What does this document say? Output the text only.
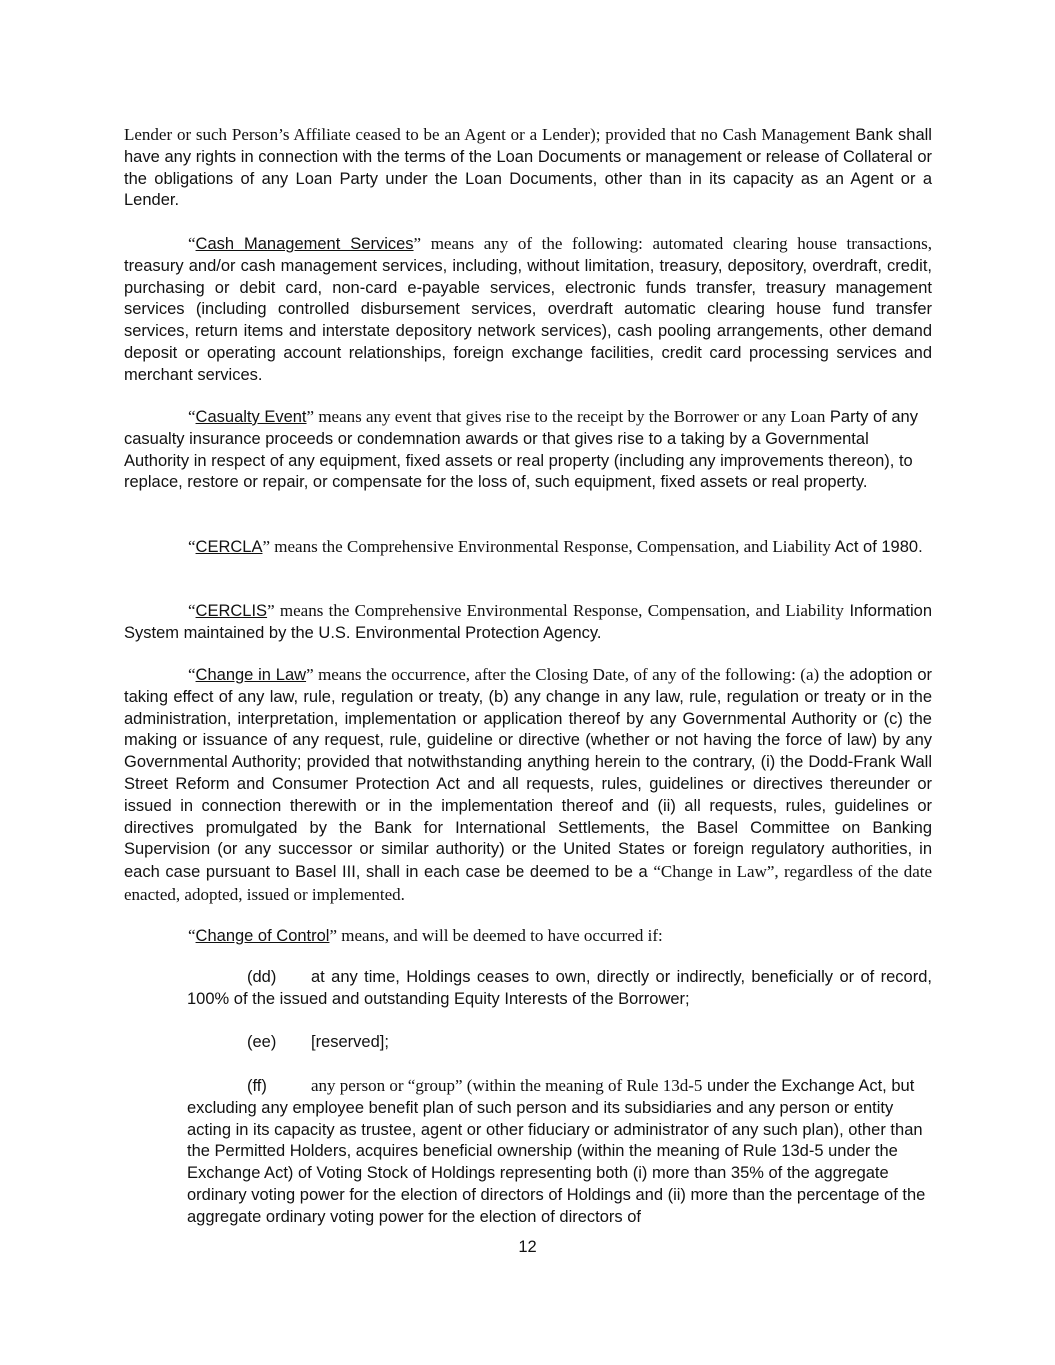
Lender or such Person’s Affiliate ceased to be an Agent or a Lender); provided that no Cash Management Bank shall have any rights in connection with the terms of the Loan Documents or management or release of Collateral or the obligations of any Loan Party under the Loan Documents, other than in its capacity as an Agent or a Lender.

“Cash Management Services” means any of the following: automated clearing house transactions, treasury and/or cash management services, including, without limitation, treasury, depository, overdraft, credit, purchasing or debit card, non-card e-payable services, electronic funds transfer, treasury management services (including controlled disbursement services, overdraft automatic clearing house fund transfer services, return items and interstate depository network services), cash pooling arrangements, other demand deposit or operating account relationships, foreign exchange facilities, credit card processing services and merchant services.

“Casualty Event” means any event that gives rise to the receipt by the Borrower or any Loan Party of any casualty insurance proceeds or condemnation awards or that gives rise to a taking by a Governmental Authority in respect of any equipment, fixed assets or real property (including any improvements thereon), to replace, restore or repair, or compensate for the loss of, such equipment, fixed assets or real property.

“CERCLA” means the Comprehensive Environmental Response, Compensation, and Liability Act of 1980.

“CERCLIS” means the Comprehensive Environmental Response, Compensation, and Liability Information System maintained by the U.S. Environmental Protection Agency.

“Change in Law” means the occurrence, after the Closing Date, of any of the following: (a) the adoption or taking effect of any law, rule, regulation or treaty, (b) any change in any law, rule, regulation or treaty or in the administration, interpretation, implementation or application thereof by any Governmental Authority or (c) the making or issuance of any request, rule, guideline or directive (whether or not having the force of law) by any Governmental Authority; provided that notwithstanding anything herein to the contrary, (i) the Dodd-Frank Wall Street Reform and Consumer Protection Act and all requests, rules, guidelines or directives thereunder or issued in connection therewith or in the implementation thereof and (ii) all requests, rules, guidelines or directives promulgated by the Bank for International Settlements, the Basel Committee on Banking Supervision (or any successor or similar authority) or the United States or foreign regulatory authorities, in each case pursuant to Basel III, shall in each case be deemed to be a “Change in Law”, regardless of the date enacted, adopted, issued or implemented.

“Change of Control” means, and will be deemed to have occurred if:

(dd) at any time, Holdings ceases to own, directly or indirectly, beneficially or of record, 100% of the issued and outstanding Equity Interests of the Borrower;

(ee) [reserved];

(ff)	any person or “group” (within the meaning of Rule 13d-5 under the Exchange Act, but excluding any employee benefit plan of such person and its subsidiaries and any person or entity acting in its capacity as trustee, agent or other fiduciary or administrator of any such plan), other than the Permitted Holders, acquires beneficial ownership (within the meaning of Rule 13d-5 under the Exchange Act) of Voting Stock of Holdings representing both (i) more than 35% of the aggregate ordinary voting power for the election of directors of Holdings and (ii) more than the percentage of the aggregate ordinary voting power for the election of directors of

12
